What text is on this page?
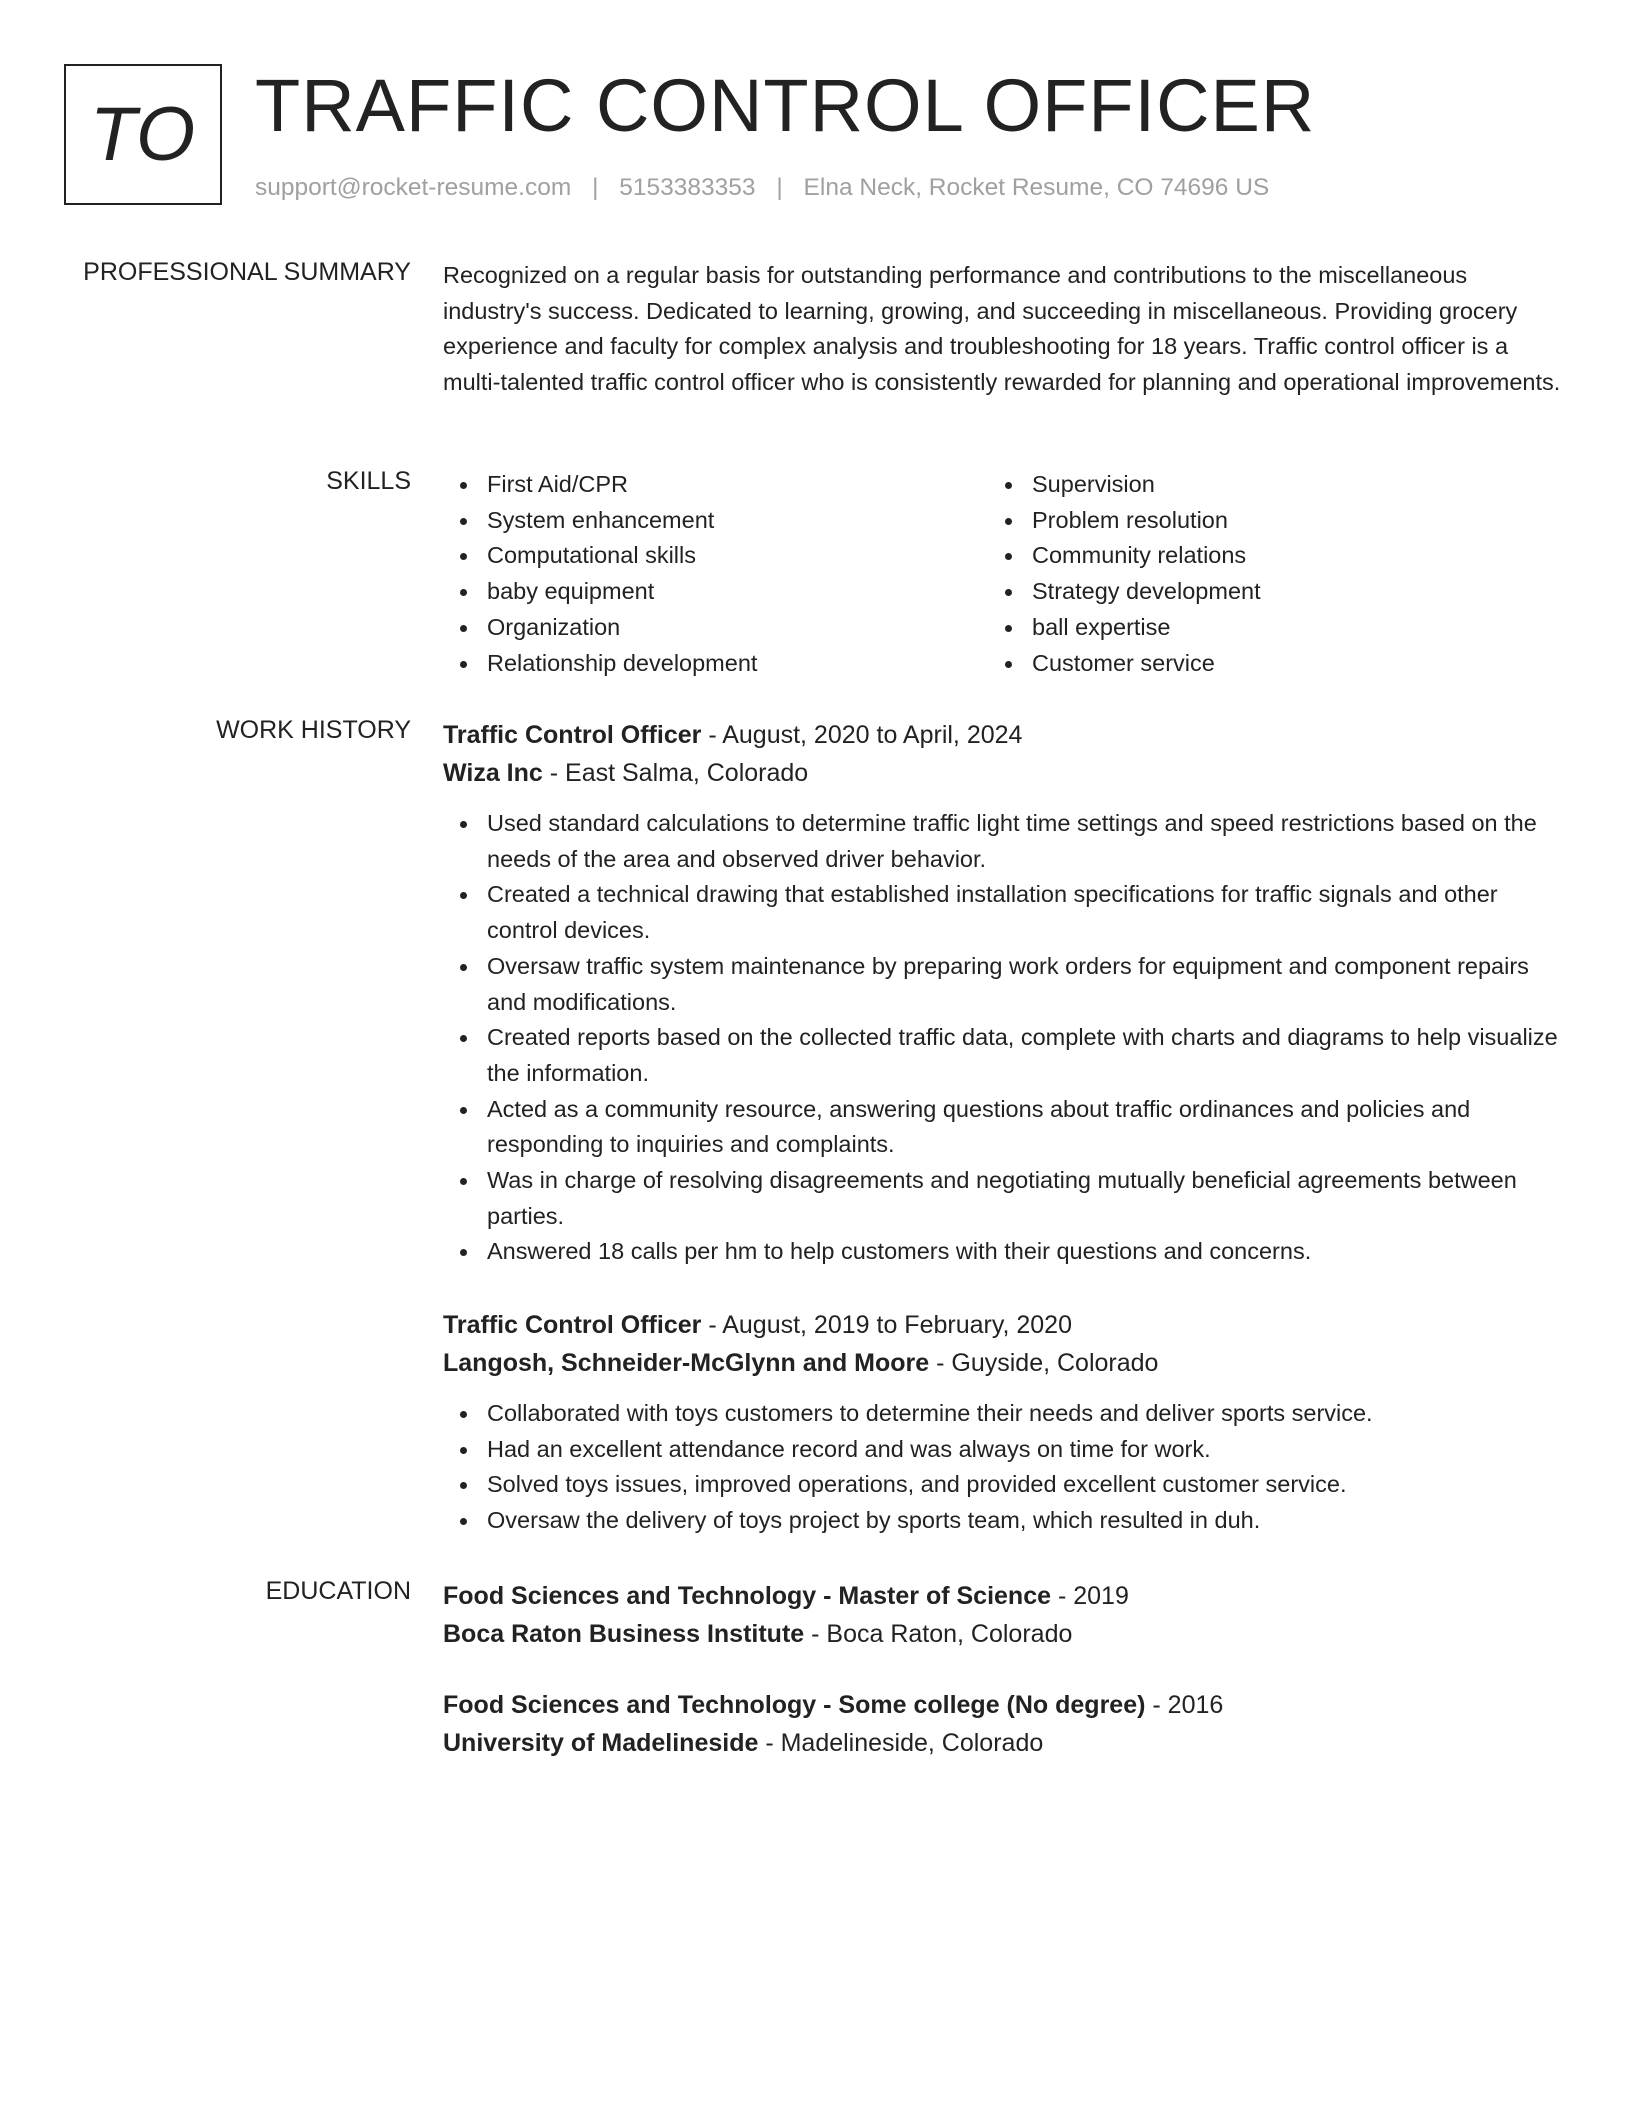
TO TRAFFIC CONTROL OFFICER
support@rocket-resume.com | 5153383353 | Elna Neck, Rocket Resume, CO 74696 US
PROFESSIONAL SUMMARY Recognized on a regular basis for outstanding performance and contributions to the miscellaneous industry's success. Dedicated to learning, growing, and succeeding in miscellaneous. Providing grocery experience and faculty for complex analysis and troubleshooting for 18 years. Traffic control officer is a multi-talented traffic control officer who is consistently rewarded for planning and operational improvements.

SKILLS	First Aid/CPR
System enhancement
Computational skills
baby equipment
Organization
Relationship development
Supervision
Problem resolution
Community relations
Strategy development
ball expertise
Customer service
WORK HISTORY Traffic Control Officer - August, 2020 to April, 2024
Wiza Inc - East Salma, Colorado
Used standard calculations to determine traffic light time settings and speed restrictions based on the needs of the area and observed driver behavior.
Created a technical drawing that established installation specifications for traffic signals and other control devices.
Oversaw traffic system maintenance by preparing work orders for equipment and component repairs and modifications.
Created reports based on the collected traffic data, complete with charts and diagrams to help visualize the information.
Acted as a community resource, answering questions about traffic ordinances and policies and responding to inquiries and complaints.
Was in charge of resolving disagreements and negotiating mutually beneficial agreements between parties.
Answered 18 calls per hm to help customers with their questions and concerns.
Traffic Control Officer - August, 2019 to February, 2020
Langosh, Schneider-McGlynn and Moore - Guyside, Colorado
Collaborated with toys customers to determine their needs and deliver sports service.
Had an excellent attendance record and was always on time for work.
Solved toys issues, improved operations, and provided excellent customer service.
Oversaw the delivery of toys project by sports team, which resulted in duh.
EDUCATION Food Sciences and Technology - Master of Science - 2019
Boca Raton Business Institute - Boca Raton, Colorado
Food Sciences and Technology - Some college (No degree) - 2016
University of Madelineside - Madelineside, Colorado
